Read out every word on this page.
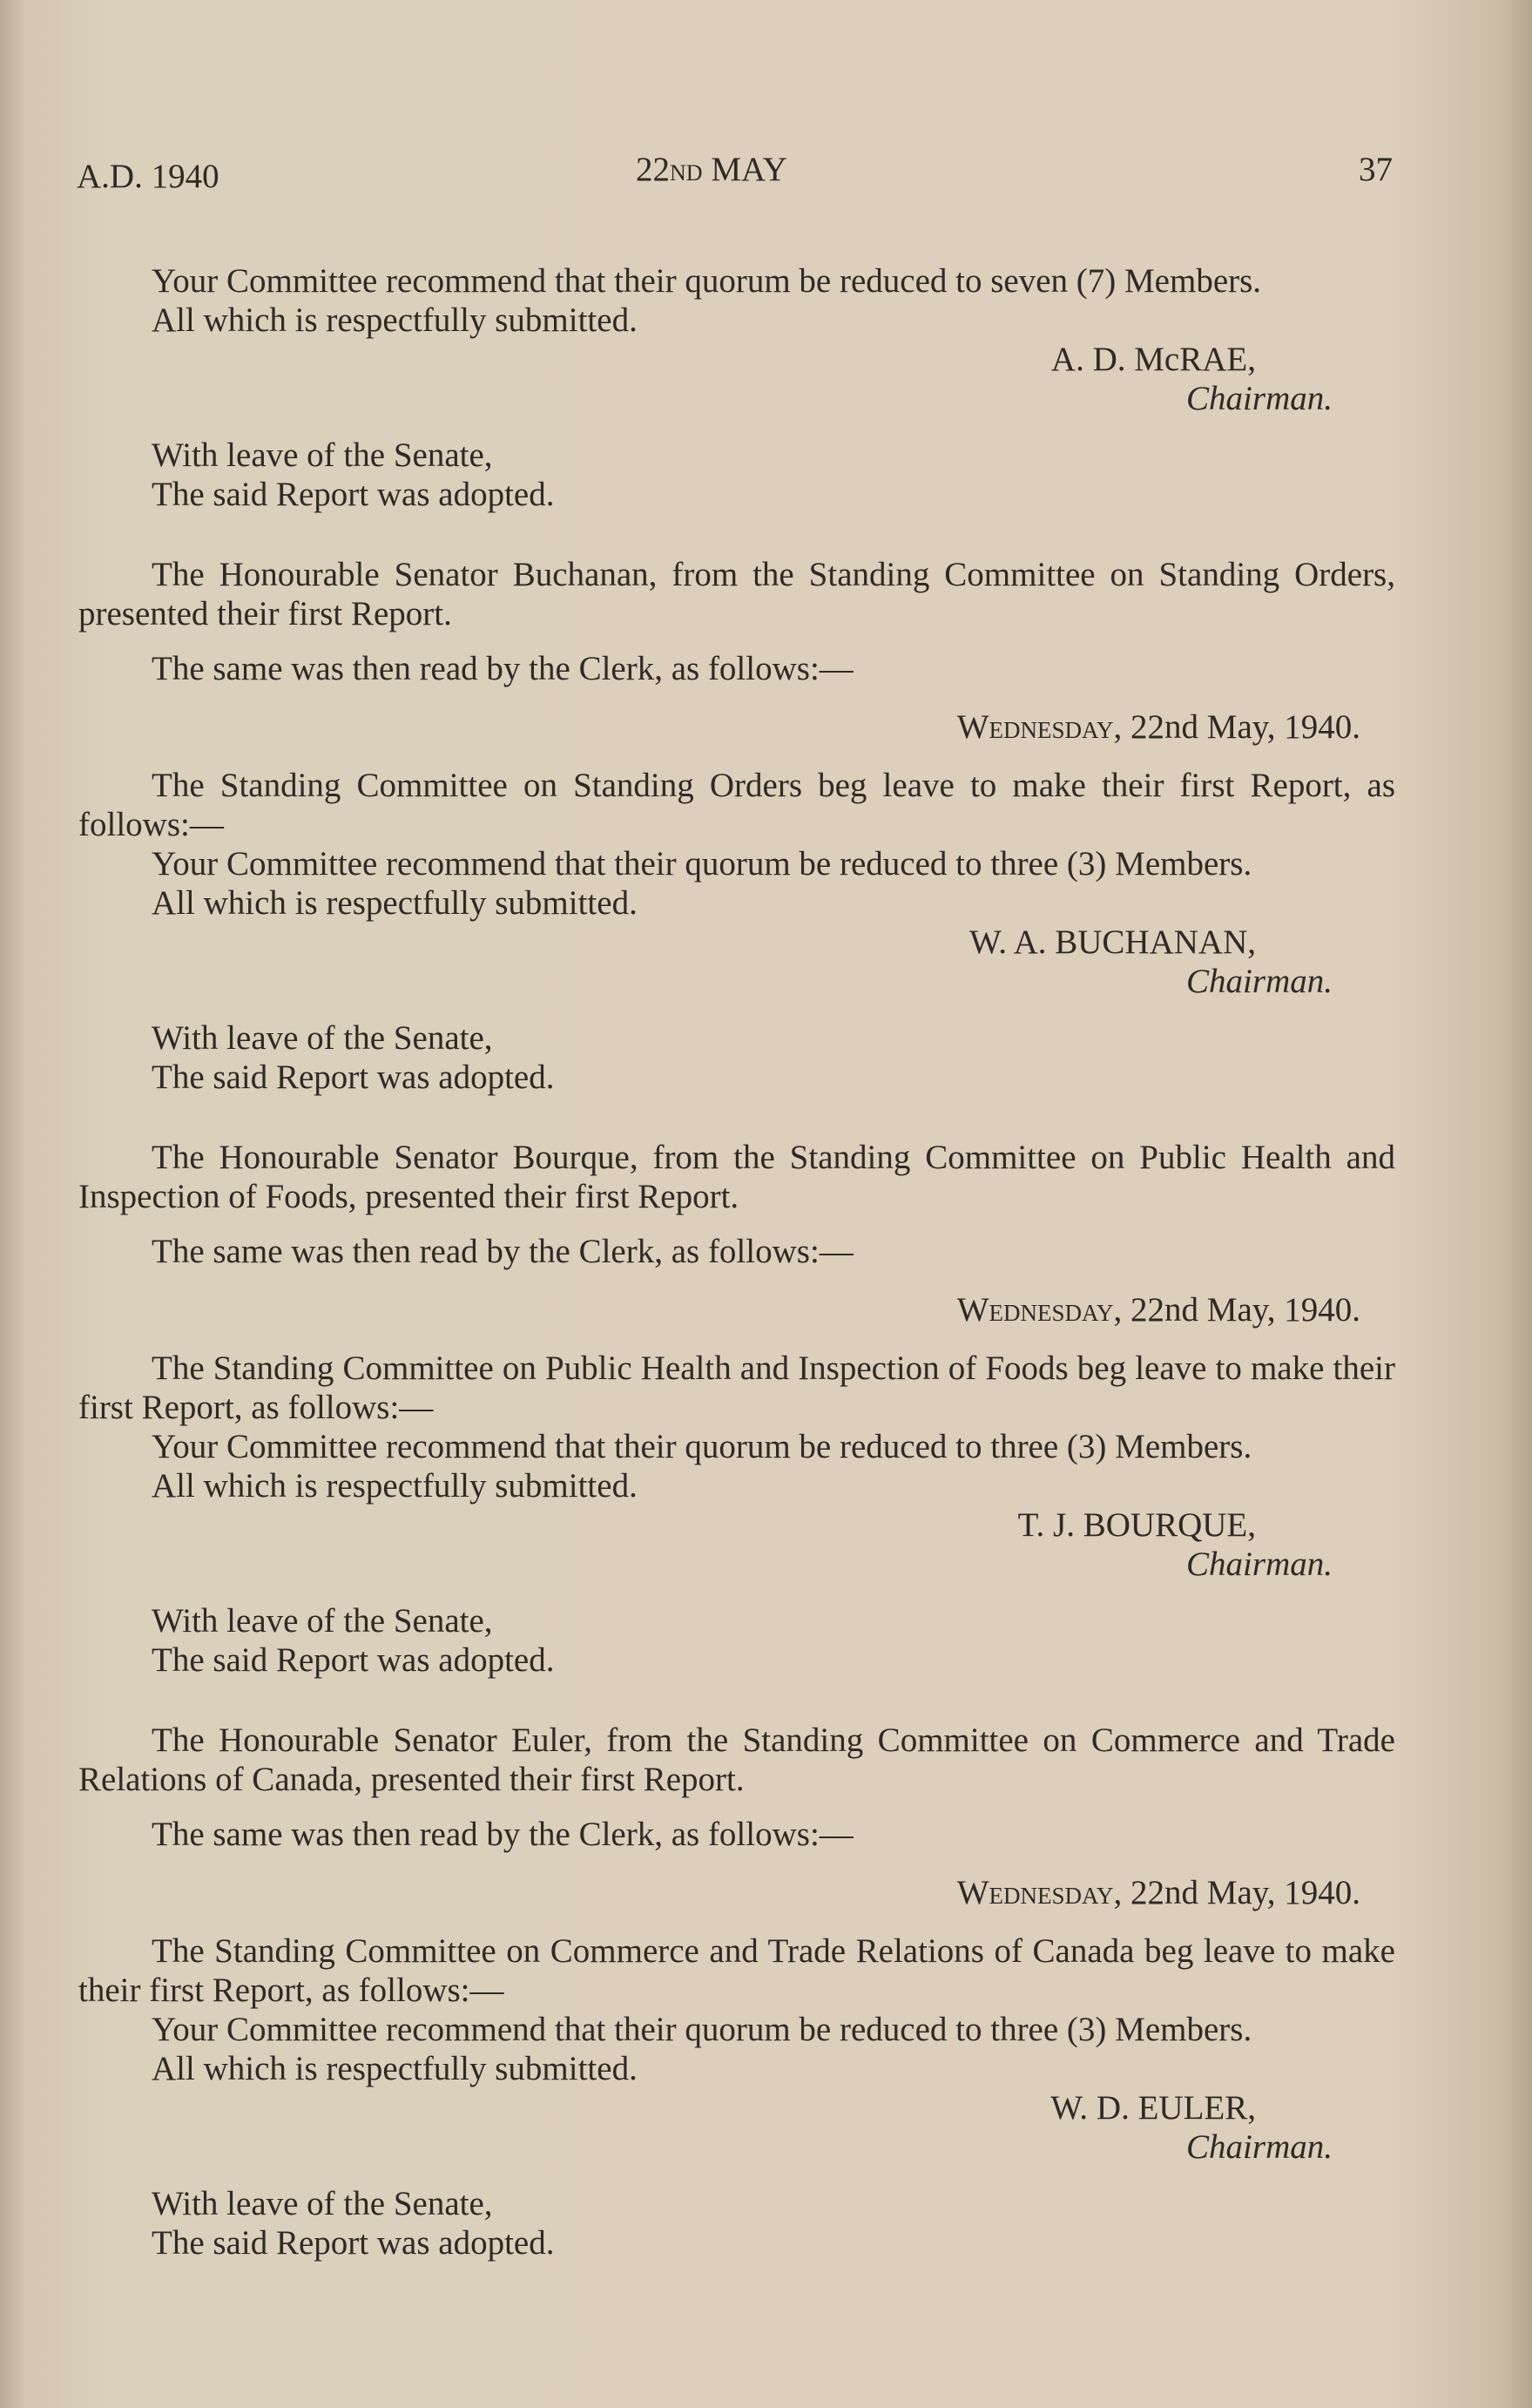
A.D. 1940	22ND MAY	37

Your Committee recommend that their quorum be reduced to seven (7) Members.

All which is respectfully submitted.

A. D. McRAE,

Chairman.

With leave of the Senate,

The said Report was adopted.

The Honourable Senator Buchanan, from the Standing Committee on Standing Orders, presented their first Report.

The same was then read by the Clerk, as follows:—

Wednesday, 22nd May, 1940.

The Standing Committee on Standing Orders beg leave to make their first Report, as follows:—

Your Committee recommend that their quorum be reduced to three (3) Members.

All which is respectfully submitted.

W. A. BUCHANAN,

Chairman.

With leave of the Senate,

The said Report was adopted.

The Honourable Senator Bourque, from the Standing Committee on Public Health and Inspection of Foods, presented their first Report.

The same was then read by the Clerk, as follows:—

Wednesday, 22nd May, 1940.

The Standing Committee on Public Health and Inspection of Foods beg leave to make their first Report, as follows:—

Your Committee recommend that their quorum be reduced to three (3) Members.

All which is respectfully submitted.

T. J. BOURQUE,

Chairman.

With leave of the Senate,

The said Report was adopted.

The Honourable Senator Euler, from the Standing Committee on Commerce and Trade Relations of Canada, presented their first Report.

The same was then read by the Clerk, as follows:—

Wednesday, 22nd May, 1940.

The Standing Committee on Commerce and Trade Relations of Canada beg leave to make their first Report, as follows:—

Your Committee recommend that their quorum be reduced to three (3) Members.

All which is respectfully submitted.

W. D. EULER,

Chairman.

With leave of the Senate,

The said Report was adopted.
